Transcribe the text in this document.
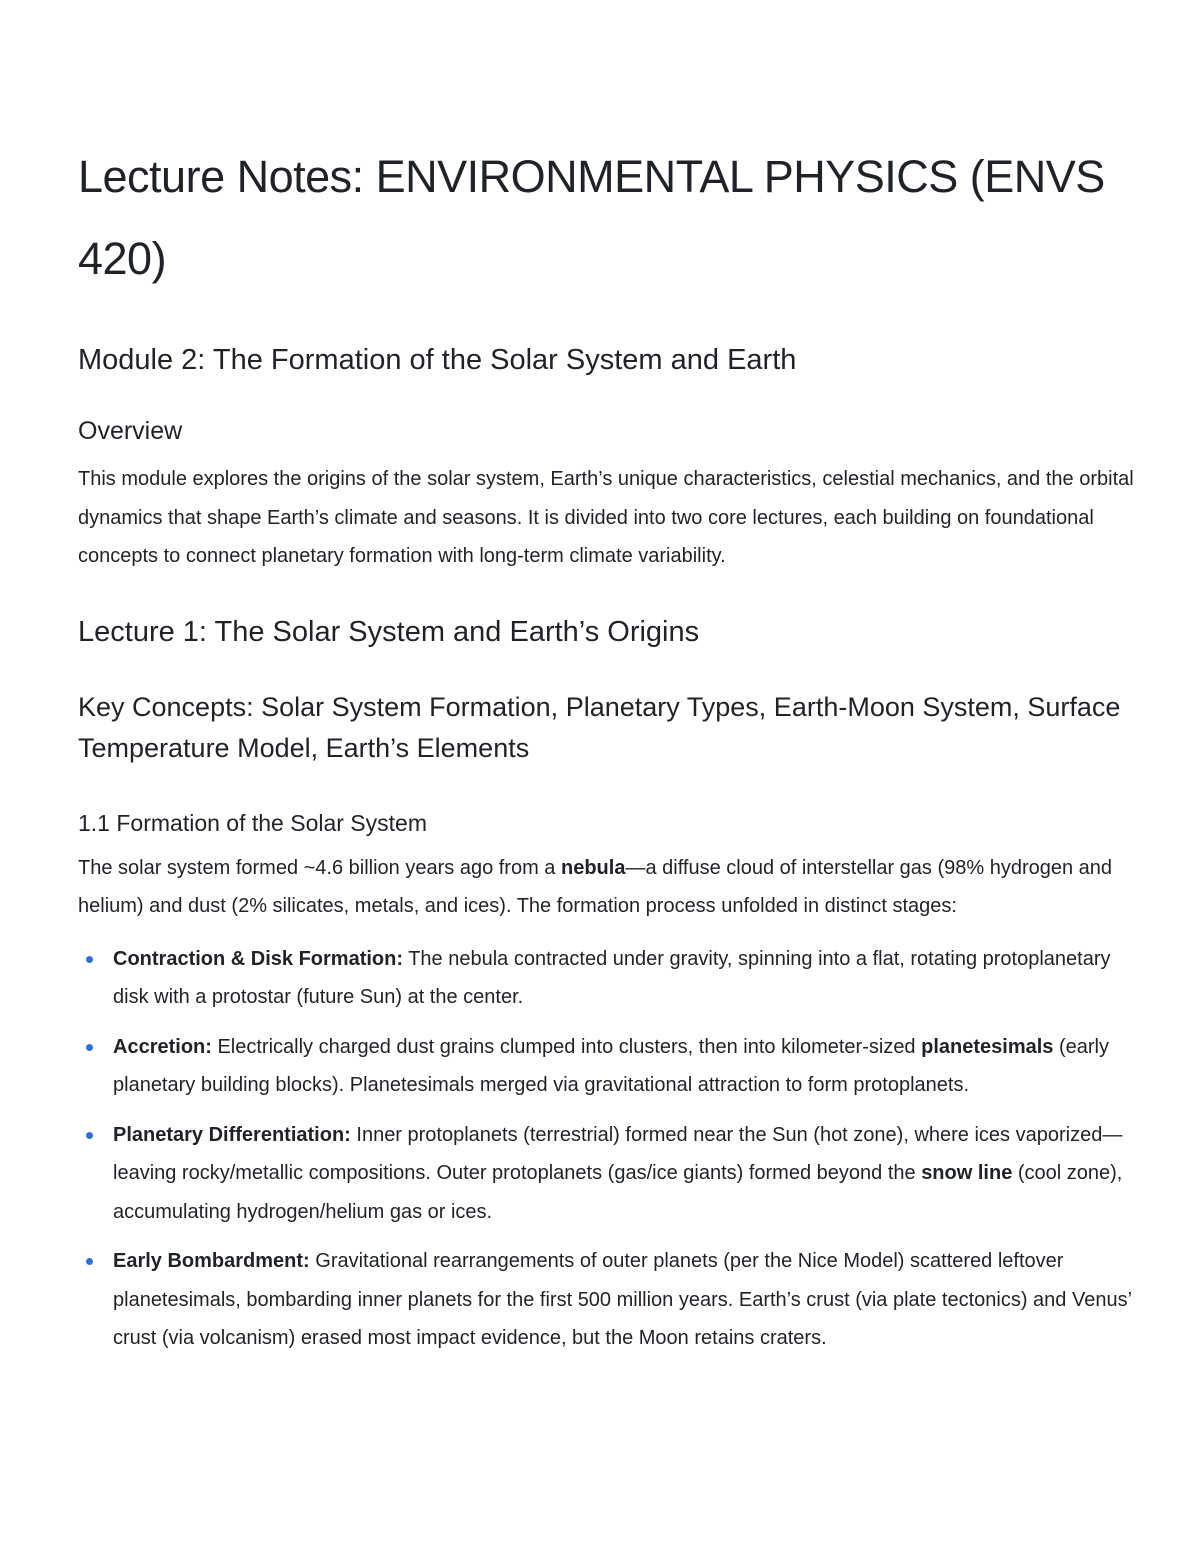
Lecture Notes: ENVIRONMENTAL PHYSICS (ENVS 420)
Module 2: The Formation of the Solar System and Earth
Overview

This module explores the origins of the solar system, Earth’s unique characteristics, celestial mechanics, and the orbital dynamics that shape Earth’s climate and seasons. It is divided into two core lectures, each building on foundational concepts to connect planetary formation with long-term climate variability.

Lecture 1: The Solar System and Earth’s Origins
Key Concepts: Solar System Formation, Planetary Types, Earth-Moon System, Surface Temperature Model, Earth’s Elements
1.1 Formation of the Solar System

The solar system formed ~4.6 billion years ago from a nebula—a diffuse cloud of interstellar gas (98% hydrogen and helium) and dust (2% silicates, metals, and ices). The formation process unfolded in distinct stages:

Contraction & Disk Formation: The nebula contracted under gravity, spinning into a flat, rotating protoplanetary disk with a protostar (future Sun) at the center.
Accretion: Electrically charged dust grains clumped into clusters, then into kilometer-sized planetesimals (early planetary building blocks). Planetesimals merged via gravitational attraction to form protoplanets.
Planetary Differentiation: Inner protoplanets (terrestrial) formed near the Sun (hot zone), where ices vaporized—leaving rocky/metallic compositions. Outer protoplanets (gas/ice giants) formed beyond the snow line (cool zone), accumulating hydrogen/helium gas or ices.
Early Bombardment: Gravitational rearrangements of outer planets (per the Nice Model) scattered leftover planetesimals, bombarding inner planets for the first 500 million years. Earth’s crust (via plate tectonics) and Venus’ crust (via volcanism) erased most impact evidence, but the Moon retains craters.
